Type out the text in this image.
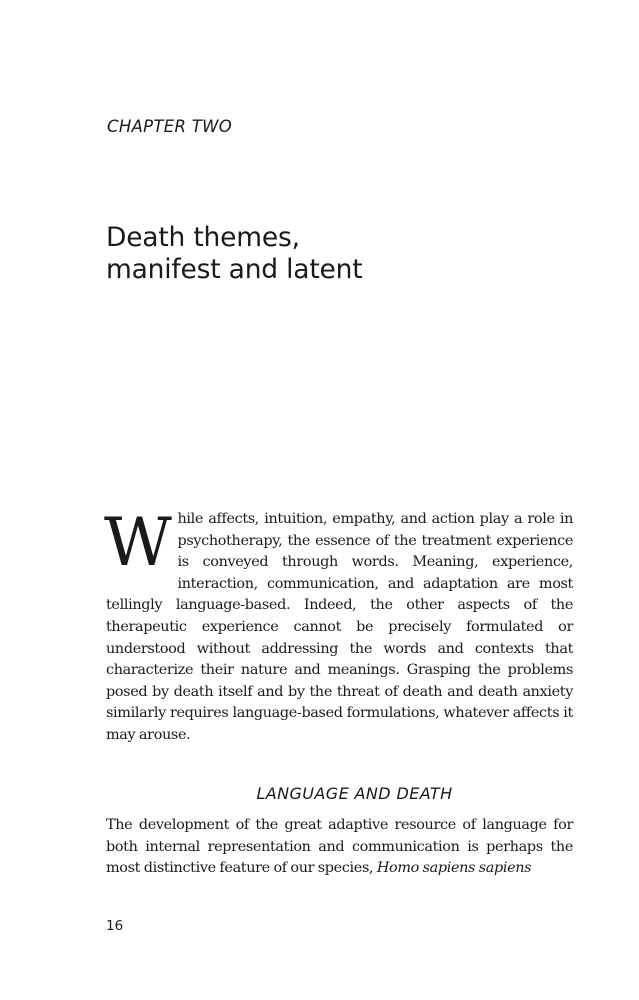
CHAPTER TWO
Death themes,
manifest and latent

While affects, intuition, empathy, and action play a role in psychotherapy, the essence of the treatment experience is conveyed through words. Meaning, experience, interaction, communication, and adaptation are most tellingly language-based. Indeed, the other aspects of the therapeutic experience cannot be precisely formulated or understood without addressing the words and contexts that characterize their nature and meanings. Grasping the problems posed by death itself and by the threat of death and death anxiety similarly requires language-based formulations, whatever affects it may arouse.

LANGUAGE AND DEATH

The development of the great adaptive resource of language for both internal representation and communication is perhaps the most distinctive feature of our species, Homo sapiens sapiens

16
